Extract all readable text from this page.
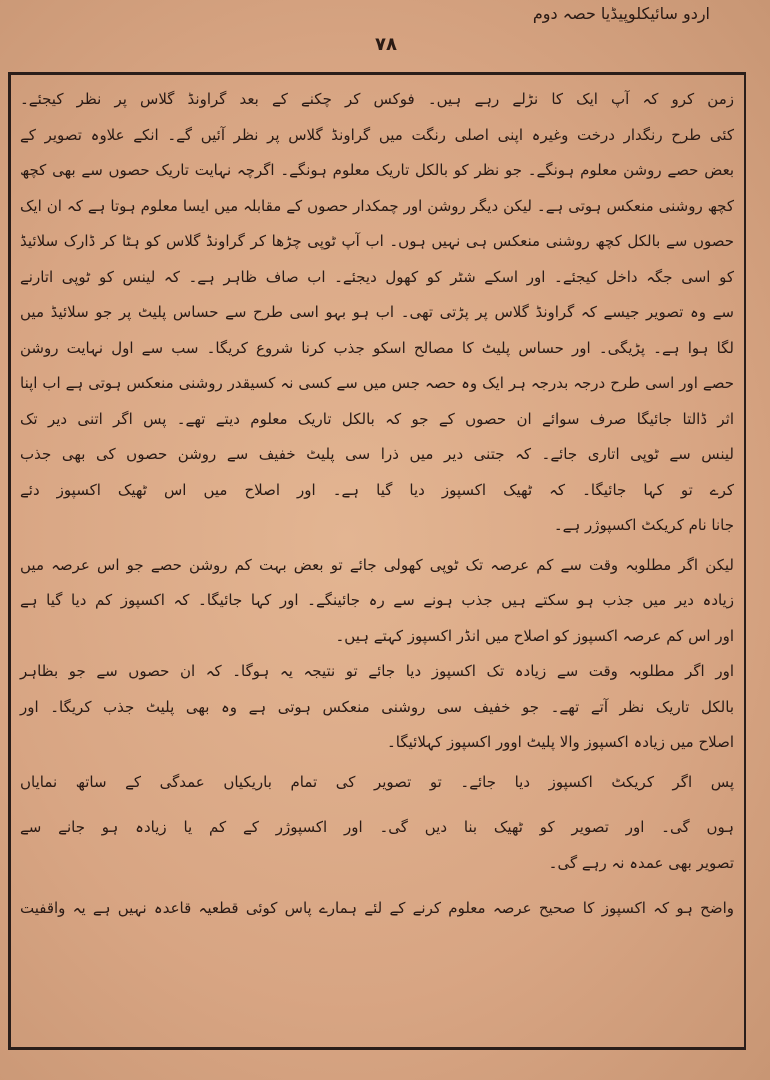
اردو سائیکلوپیڈیا حصہ دوم
۷۸
زمن کرو کہ آپ ایک کا نڑلے رہے ہیں۔ فوکس کر چکنے کے بعد گراونڈ گلاس پر نظر کیجئے۔
کئی طرح رنگدار درخت وغیرہ اپنی اصلی رنگت میں گراونڈ گلاس پر نظر آئیں گے۔ انکے علاوہ تصویر کے
بعض حصے روشن معلوم ہونگے۔ جو نظر کو بالکل تاریک معلوم ہونگے۔ اگرچہ نہایت تاریک حصوں سے بھی کچھ
کچھ روشنی منعکس ہوتی ہے۔ لیکن دیگر روشن اور چمکدار حصوں کے مقابلہ میں ایسا معلوم ہوتا ہے کہ ان ایک
حصوں سے بالکل کچھ روشنی منعکس ہی نہیں ہوں۔ اب آپ ٹوپی چڑھا کر گراونڈ گلاس کو ہٹا کر ڈارک سلائیڈ
کو اسی جگہ داخل کیجئے۔ اور اسکے شٹر کو کھول دیجئے۔ اب صاف ظاہر ہے۔ کہ لینس کو ٹوپی اتارنے
سے وہ تصویر جیسے کہ گراونڈ گلاس پر پڑتی تھی۔ اب ہو بہو اسی طرح سے حساس پلیٹ پر جو سلائیڈ میں
لگا ہوا ہے۔ پڑیگی۔ اور حساس پلیٹ کا مصالح اسکو جذب کرنا شروع کریگا۔ سب سے اول نہایت روشن
حصے اور اسی طرح درجہ بدرجہ ہر ایک وہ حصہ جس میں سے کسی نہ کسیقدر روشنی منعکس ہوتی ہے اب اپنا
اثر ڈالتا جائیگا صرف سوائے ان حصوں کے جو کہ بالکل تاریک معلوم دیتے تھے۔ پس اگر اتنی دیر تک
لینس سے ٹوپی اتاری جائے۔ کہ جتنی دیر میں ذرا سی پلیٹ خفیف سے روشن حصوں کی بھی جذب
کرے تو کہا جائیگا۔ کہ ٹھیک اکسپوز دیا گیا ہے۔ اور اصلاح میں اس ٹھیک اکسپوز دئے
جانا نام کریکٹ اکسپوژر ہے۔
لیکن اگر مطلوبہ وقت سے کم عرصہ تک ٹوپی کھولی جائے تو بعض بہت کم روشن حصے جو اس عرصہ میں
زیادہ دیر میں جذب ہو سکتے ہیں جذب ہونے سے رہ جائینگے۔ اور کہا جائیگا۔ کہ اکسپوز کم دیا گیا ہے
اور اس کم عرصہ اکسپوز کو اصلاح میں انڈر اکسپوز کہتے ہیں۔
اور اگر مطلوبہ وقت سے زیادہ تک اکسپوز دیا جائے تو نتیجہ یہ ہوگا۔ کہ ان حصوں سے جو بظاہر
بالکل تاریک نظر آتے تھے۔ جو خفیف سی روشنی منعکس ہوتی ہے وہ بھی پلیٹ جذب کریگا۔ اور
اصلاح میں زیادہ اکسپوز والا پلیٹ اوور اکسپوز کہلائیگا۔
پس اگر کریکٹ اکسپوز دیا جائے۔ تو تصویر کی تمام باریکیاں عمدگی کے ساتھ نمایاں
ہوں گی۔ اور تصویر کو ٹھیک بنا دیں گی۔ اور اکسپوژر کے کم یا زیادہ ہو جانے سے
تصویر بھی عمدہ نہ رہے گی۔
واضح ہو کہ اکسپوز کا صحیح عرصہ معلوم کرنے کے لئے ہمارے پاس کوئی قطعیہ قاعدہ نہیں ہے یہ واقفیت
